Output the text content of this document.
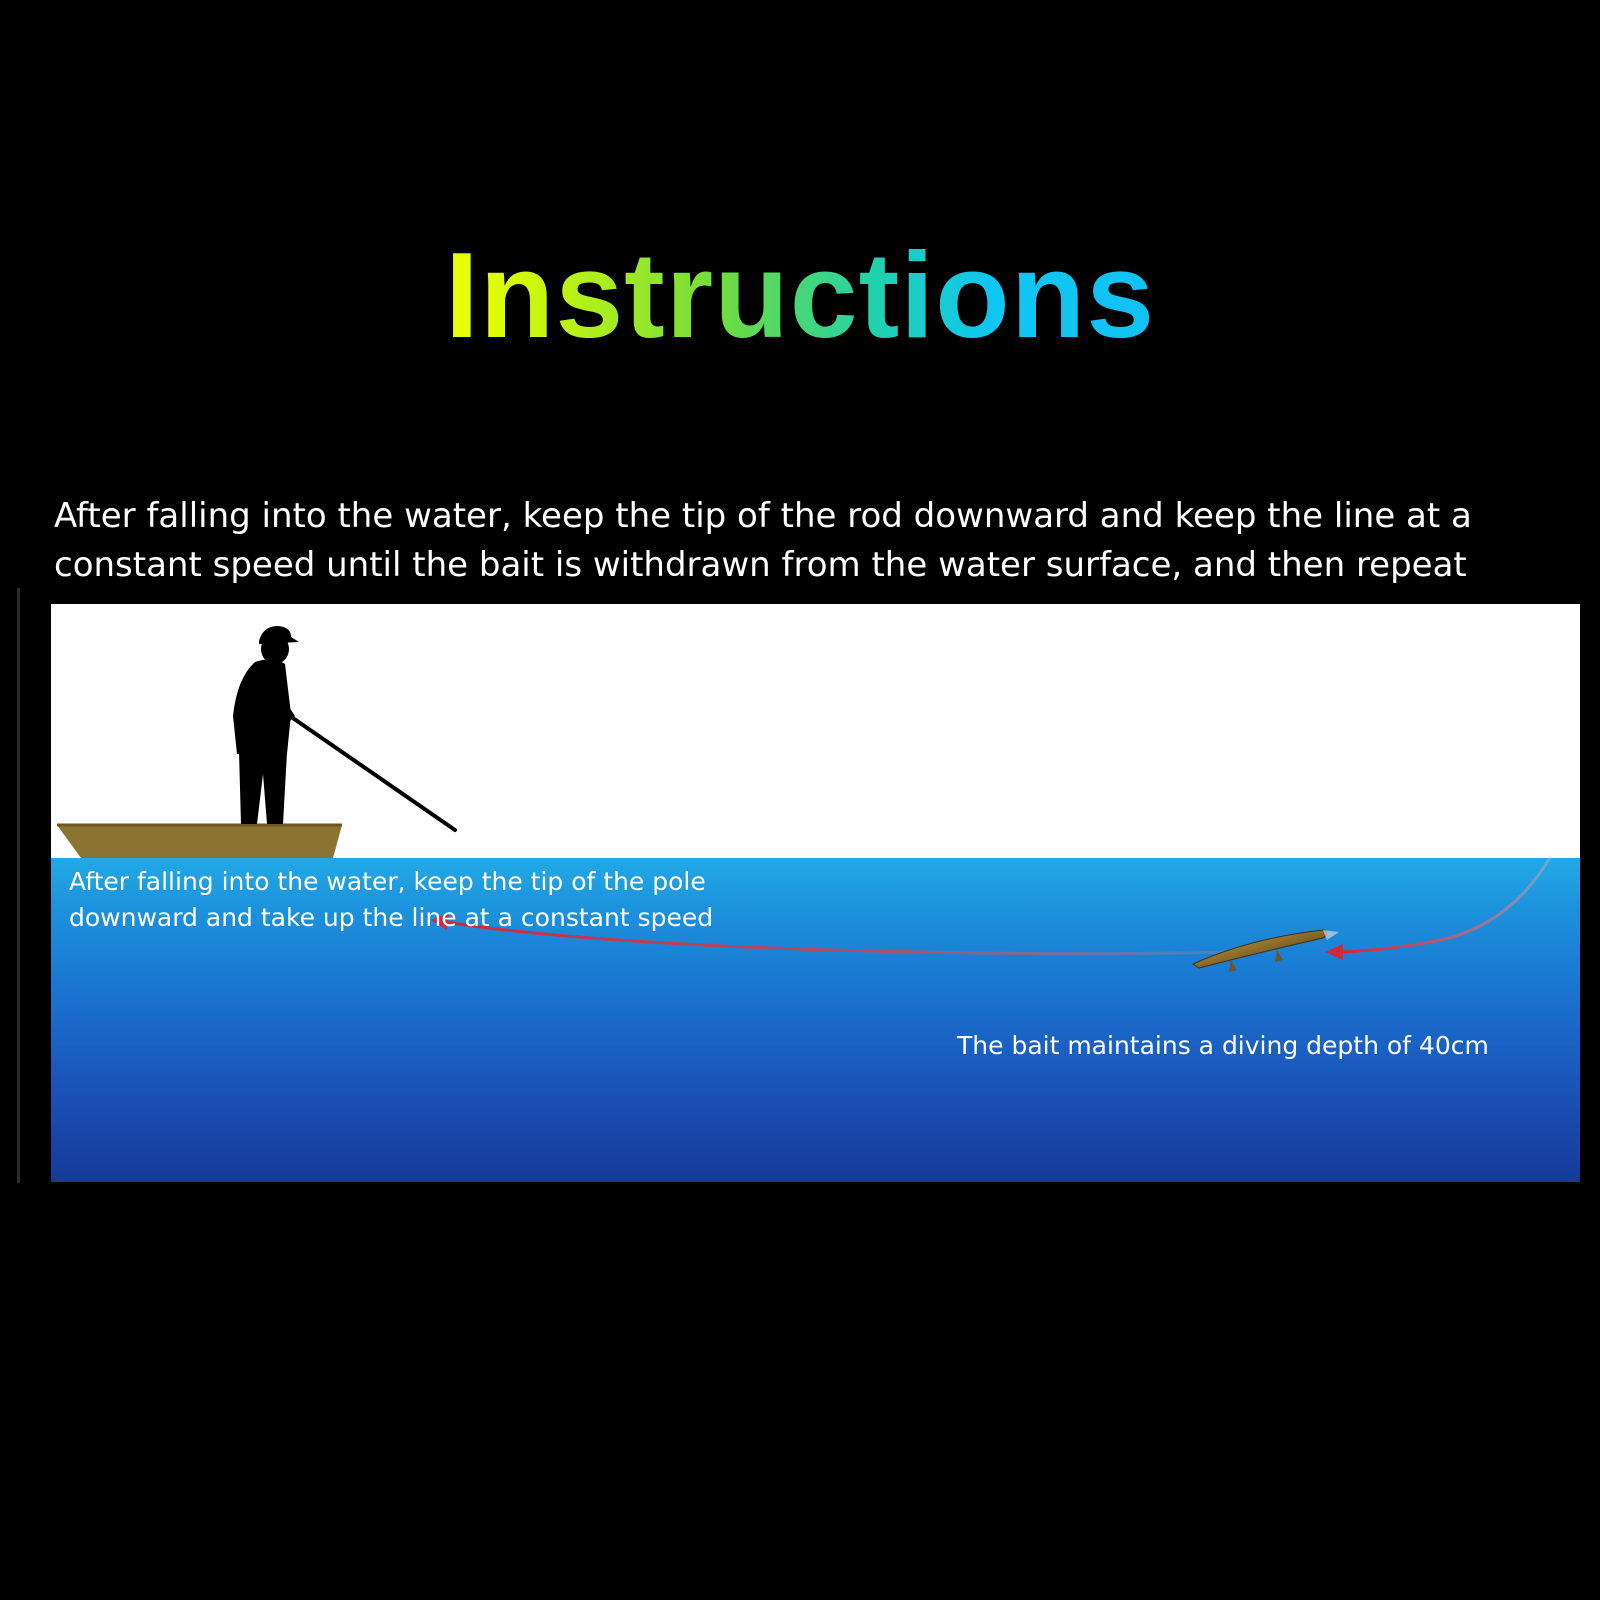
Instructions

After falling into the water, keep the tip of the rod downward and keep the line at a constant speed until the bait is withdrawn from the water surface, and then repeat

After falling into the water, keep the tip of the pole downward and take up the line at a constant speed

The bait maintains a diving depth of 40cm
